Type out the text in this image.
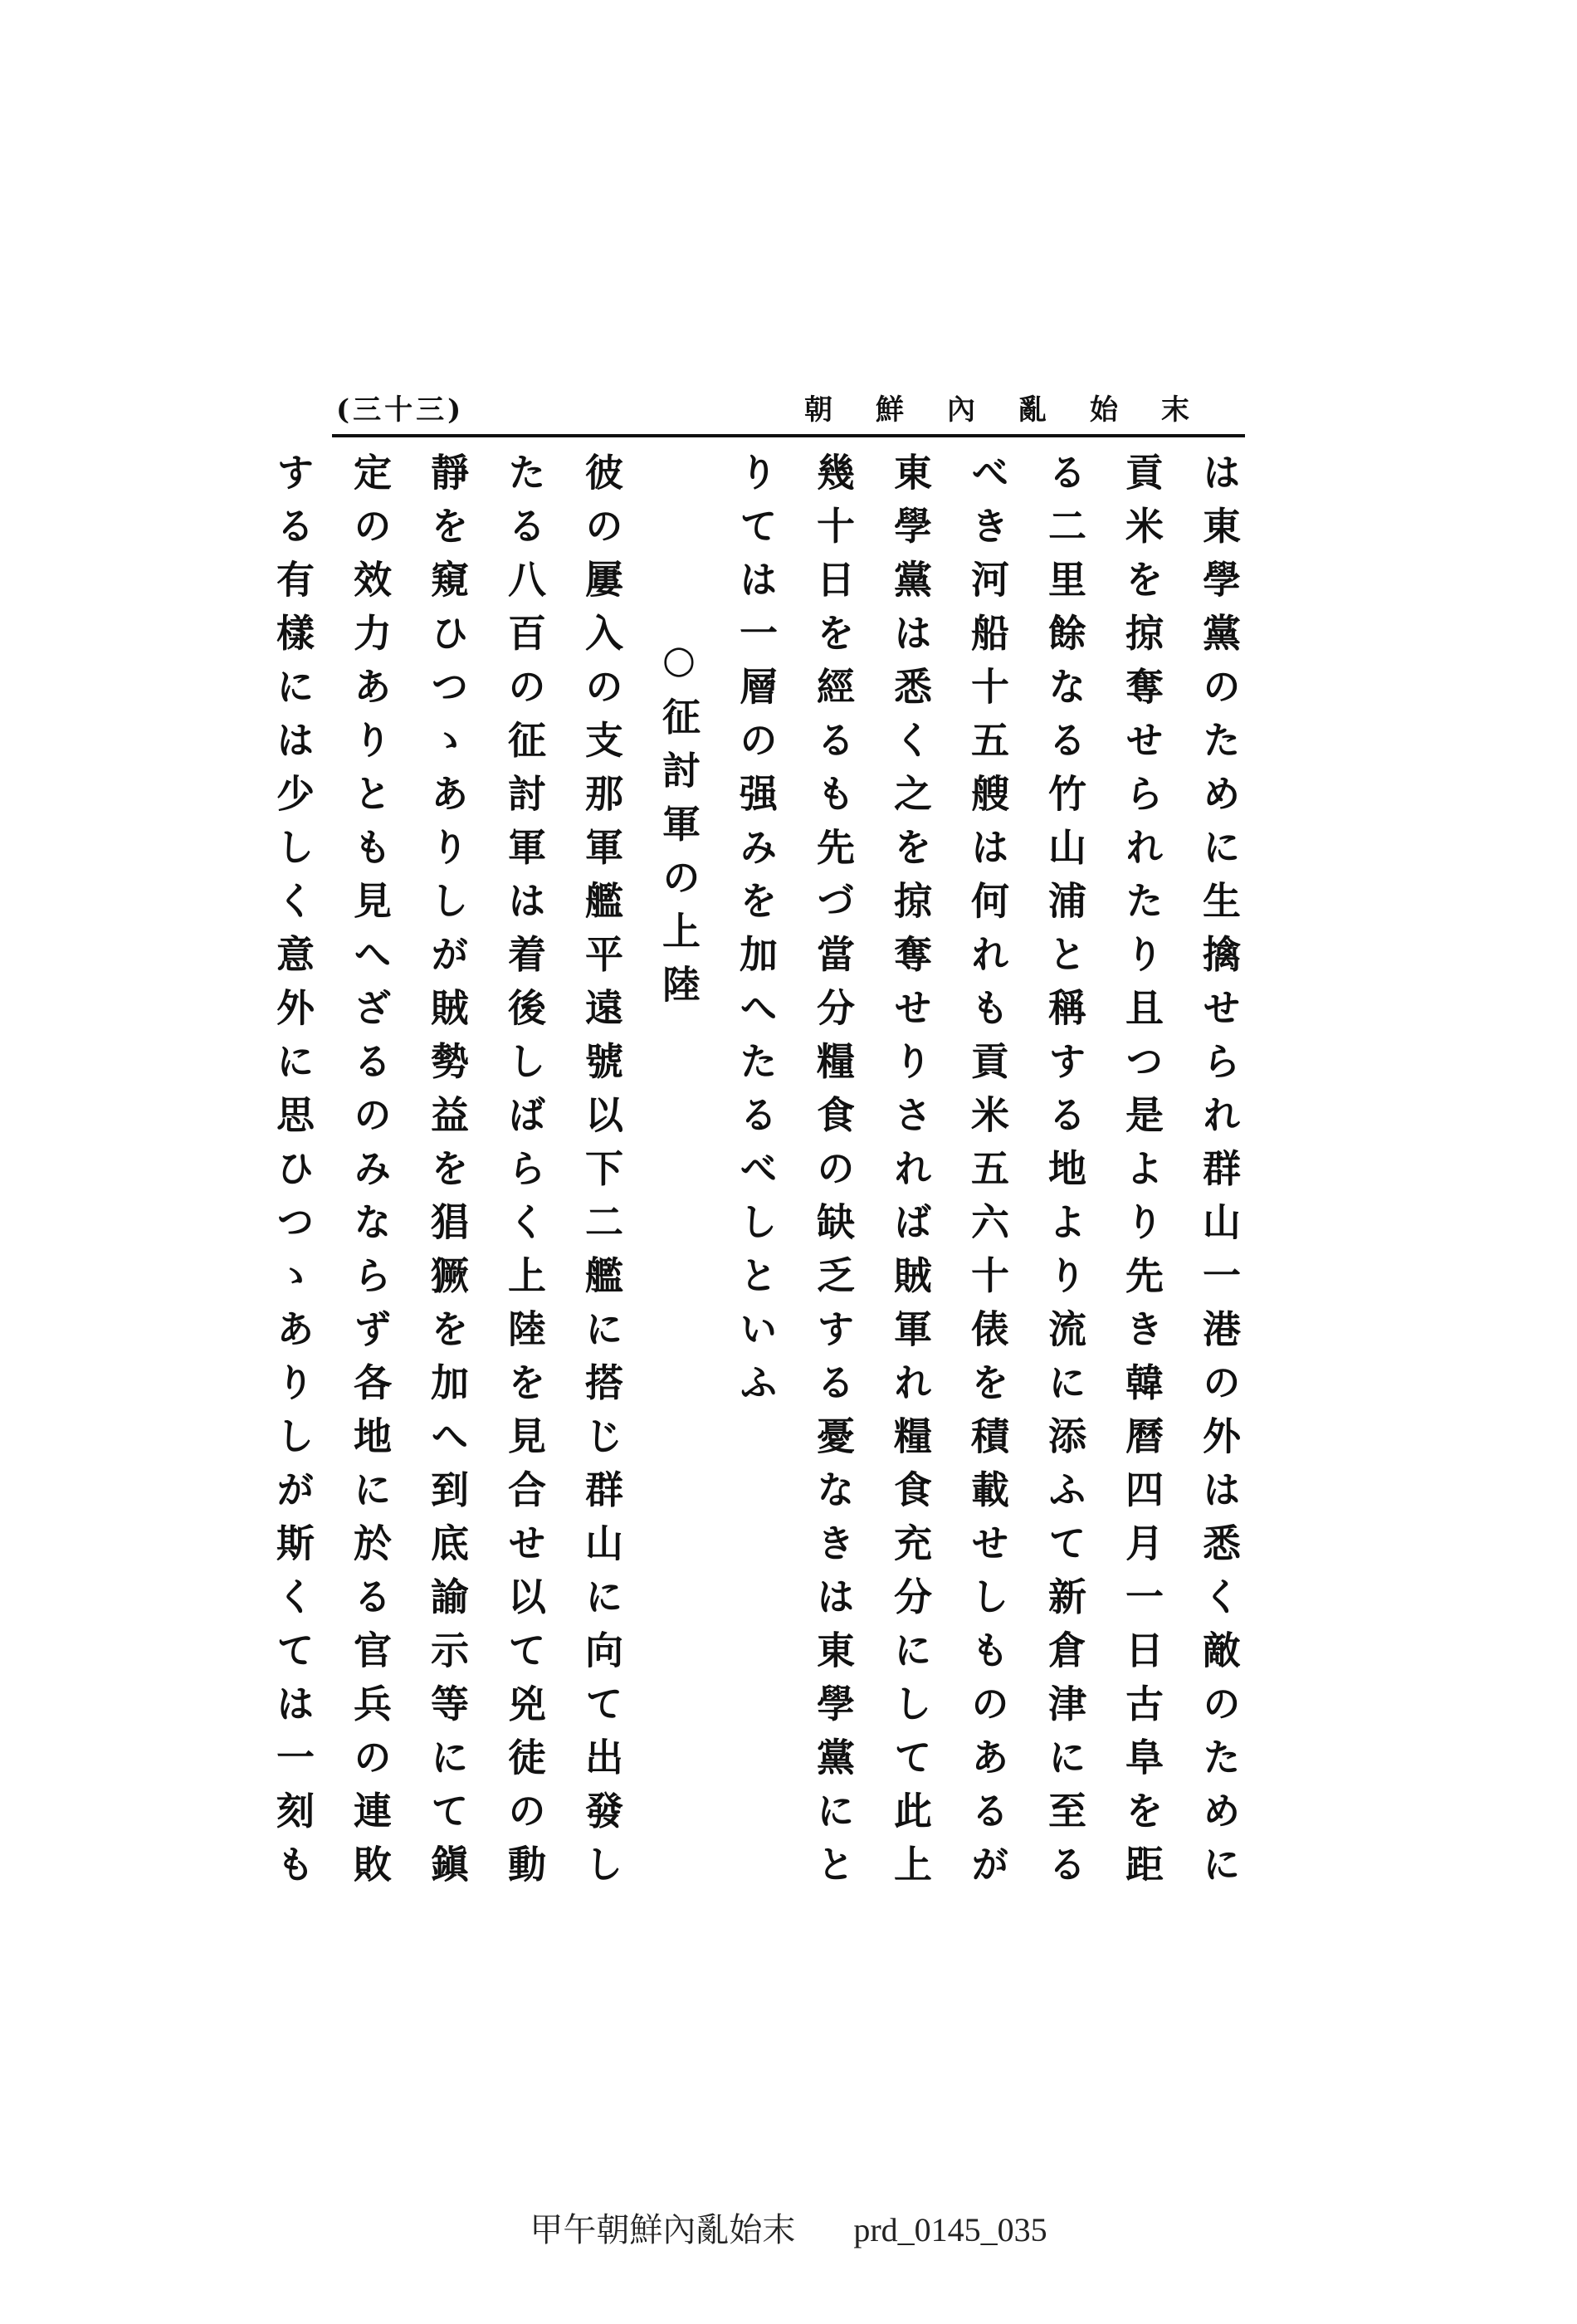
(三十三)	朝鮮內亂始末
は東學黨のために生擒せられ群山一港の外は悉く敵のために
貢米を掠奪せられたり且つ是より先き韓曆四月一日古阜を距
る二里餘なる竹山浦と稱する地より流に添ふて新倉津に至る
べき河船十五艘は何れも貢米五六十俵を積載せしものあるが
東學黨は悉く之を掠奪せりされば賊軍れ糧食充分にして此上
幾十日を經るも先づ當分糧食の缺乏する憂なきは東學黨にと
りては一層の强みを加へたるべしといふ
○征討軍の上陸
彼の屢入の支那軍艦平遠號以下二艦に搭じ群山に向て出發し
たる八百の征討軍は着後しばらく上陸を見合せ以て兇徒の動
靜を窺ひつゝありしが賊勢益を猖獗を加へ到底諭示等にて鎭
定の效力ありとも見へざるのみならず各地に於る官兵の連敗
する有樣には少しく意外に思ひつゝありしが斯くては一刻も
甲午朝鮮內亂始末 prd_0145_035
